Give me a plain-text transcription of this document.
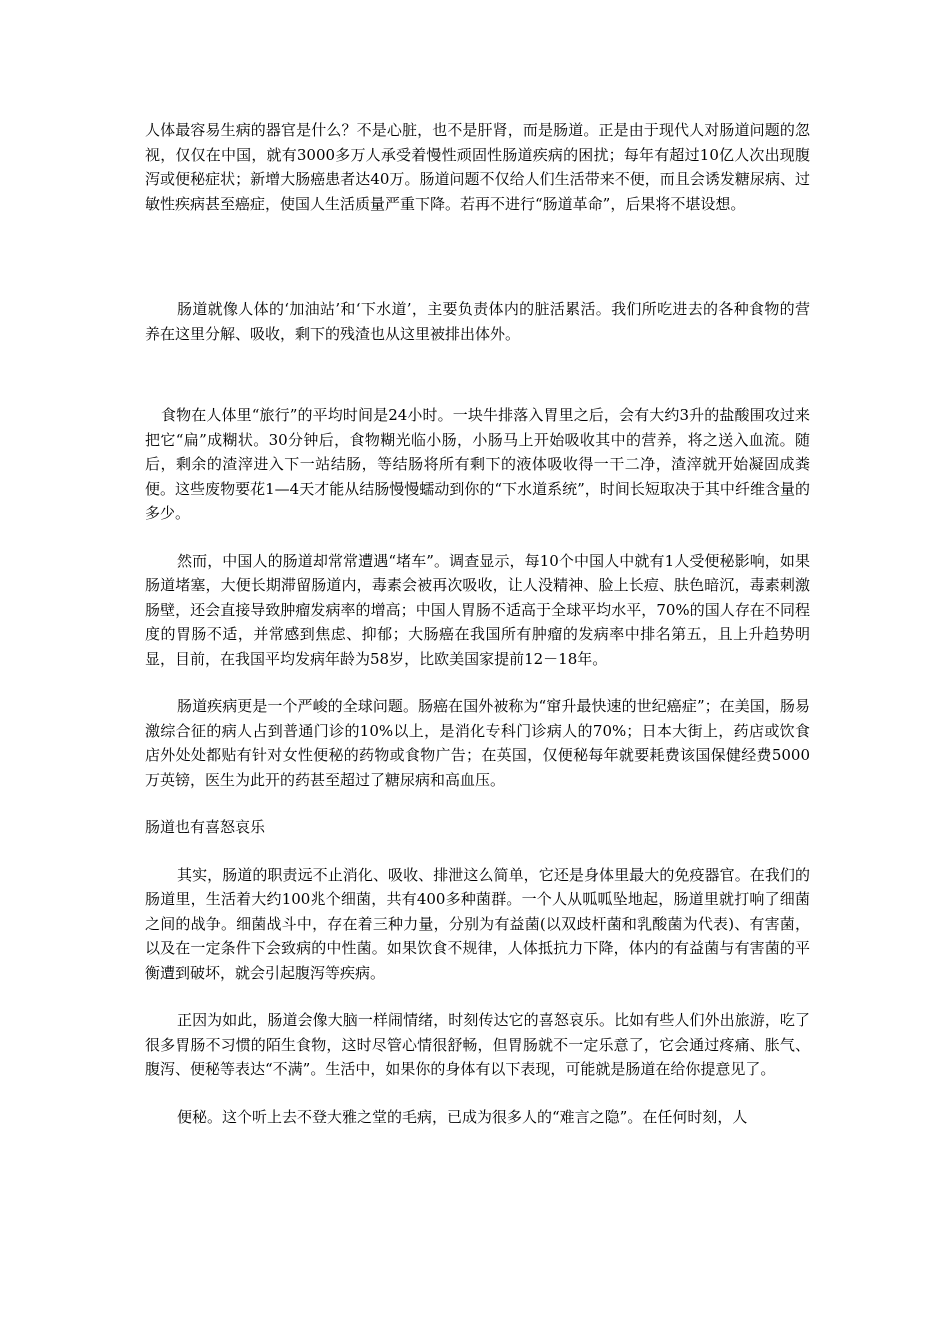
人体最容易生病的器官是什么？不是心脏，也不是肝肾，而是肠道。正是由于现代人对肠道问题的忽视，仅仅在中国，就有3000多万人承受着慢性顽固性肠道疾病的困扰；每年有超过10亿人次出现腹泻或便秘症状；新增大肠癌患者达40万。肠道问题不仅给人们生活带来不便，而且会诱发糖尿病、过敏性疾病甚至癌症，使国人生活质量严重下降。若再不进行“肠道革命”，后果将不堪设想。

肠道就像人体的‘加油站’和‘下水道’，主要负责体内的脏活累活。我们所吃进去的各种食物的营养在这里分解、吸收，剩下的残渣也从这里被排出体外。

食物在人体里“旅行”的平均时间是24小时。一块牛排落入胃里之后，会有大约3升的盐酸围攻过来把它“扁”成糊状。30分钟后，食物糊光临小肠，小肠马上开始吸收其中的营养，将之送入血流。随后，剩余的渣滓进入下一站结肠，等结肠将所有剩下的液体吸收得一干二净，渣滓就开始凝固成粪便。这些废物要花1—4天才能从结肠慢慢蠕动到你的“下水道系统”，时间长短取决于其中纤维含量的多少。

然而，中国人的肠道却常常遭遇“堵车”。调查显示，每10个中国人中就有1人受便秘影响，如果肠道堵塞，大便长期滞留肠道内，毒素会被再次吸收，让人没精神、脸上长痘、肤色暗沉，毒素刺激肠壁，还会直接导致肿瘤发病率的增高；中国人胃肠不适高于全球平均水平，70%的国人存在不同程度的胃肠不适，并常感到焦虑、抑郁；大肠癌在我国所有肿瘤的发病率中排名第五，且上升趋势明显，目前，在我国平均发病年龄为58岁，比欧美国家提前12－18年。

肠道疾病更是一个严峻的全球问题。肠癌在国外被称为“窜升最快速的世纪癌症”；在美国，肠易激综合征的病人占到普通门诊的10%以上，是消化专科门诊病人的70%；日本大街上，药店或饮食店外处处都贴有针对女性便秘的药物或食物广告；在英国，仅便秘每年就要耗费该国保健经费5000万英镑，医生为此开的药甚至超过了糖尿病和高血压。

肠道也有喜怒哀乐

其实，肠道的职责远不止消化、吸收、排泄这么简单，它还是身体里最大的免疫器官。在我们的肠道里，生活着大约100兆个细菌，共有400多种菌群。一个人从呱呱坠地起，肠道里就打响了细菌之间的战争。细菌战斗中，存在着三种力量，分别为有益菌(以双歧杆菌和乳酸菌为代表)、有害菌，以及在一定条件下会致病的中性菌。如果饮食不规律，人体抵抗力下降，体内的有益菌与有害菌的平衡遭到破坏，就会引起腹泻等疾病。

正因为如此，肠道会像大脑一样闹情绪，时刻传达它的喜怒哀乐。比如有些人们外出旅游，吃了很多胃肠不习惯的陌生食物，这时尽管心情很舒畅，但胃肠就不一定乐意了，它会通过疼痛、胀气、腹泻、便秘等表达“不满”。生活中，如果你的身体有以下表现，可能就是肠道在给你提意见了。

便秘。这个听上去不登大雅之堂的毛病，已成为很多人的“难言之隐”。在任何时刻，人
